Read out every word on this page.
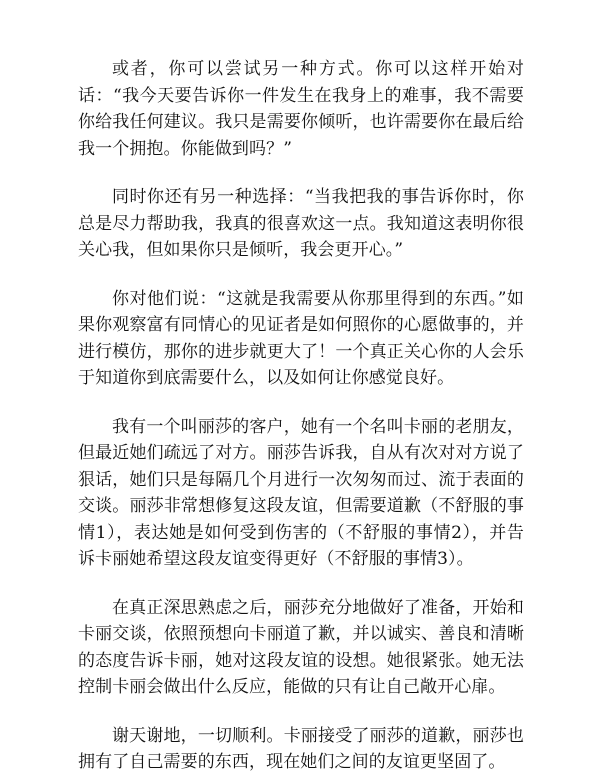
或者，你可以尝试另一种方式。你可以这样开始对话：“我今天要告诉你一件发生在我身上的难事，我不需要你给我任何建议。我只是需要你倾听，也许需要你在最后给我一个拥抱。你能做到吗？”

同时你还有另一种选择：“当我把我的事告诉你时，你总是尽力帮助我，我真的很喜欢这一点。我知道这表明你很关心我，但如果你只是倾听，我会更开心。”

你对他们说：“这就是我需要从你那里得到的东西。”如果你观察富有同情心的见证者是如何照你的心愿做事的，并进行模仿，那你的进步就更大了！一个真正关心你的人会乐于知道你到底需要什么，以及如何让你感觉良好。

我有一个叫丽莎的客户，她有一个名叫卡丽的老朋友，但最近她们疏远了对方。丽莎告诉我，自从有次对对方说了狠话，她们只是每隔几个月进行一次匆匆而过、流于表面的交谈。丽莎非常想修复这段友谊，但需要道歉（不舒服的事情1），表达她是如何受到伤害的（不舒服的事情2），并告诉卡丽她希望这段友谊变得更好（不舒服的事情3）。

在真正深思熟虑之后，丽莎充分地做好了准备，开始和卡丽交谈，依照预想向卡丽道了歉，并以诚实、善良和清晰的态度告诉卡丽，她对这段友谊的设想。她很紧张。她无法控制卡丽会做出什么反应，能做的只有让自己敞开心扉。

谢天谢地，一切顺利。卡丽接受了丽莎的道歉，丽莎也拥有了自己需要的东西，现在她们之间的友谊更坚固了。
